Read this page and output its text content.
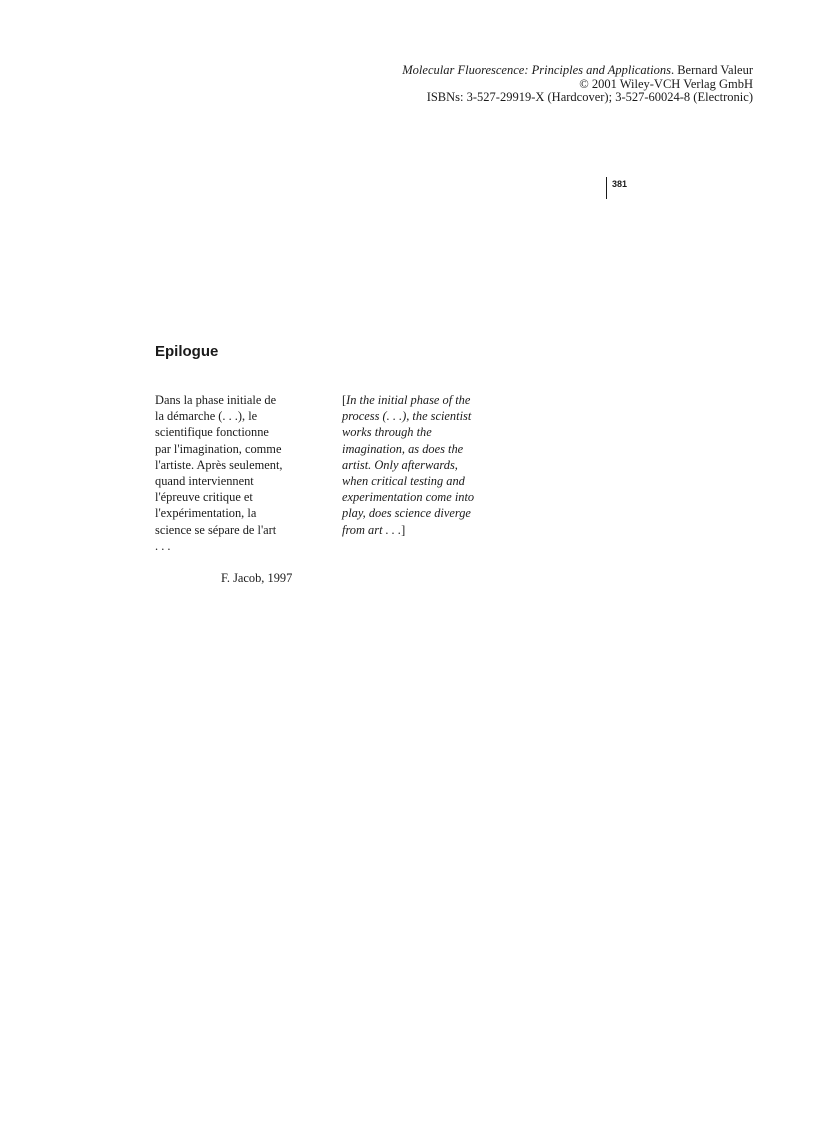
Molecular Fluorescence: Principles and Applications. Bernard Valeur
© 2001 Wiley-VCH Verlag GmbH
ISBNs: 3-527-29919-X (Hardcover); 3-527-60024-8 (Electronic)
381
Epilogue
Dans la phase initiale de
la démarche (. . .), le
scientifique fonctionne
par l'imagination, comme
l'artiste. Après seulement,
quand interviennent
l'épreuve critique et
l'expérimentation, la
science se sépare de l'art
. . .
[In the initial phase of the
process (. . .), the scientist
works through the
imagination, as does the
artist. Only afterwards,
when critical testing and
experimentation come into
play, does science diverge
from art . . .]
F. Jacob, 1997
